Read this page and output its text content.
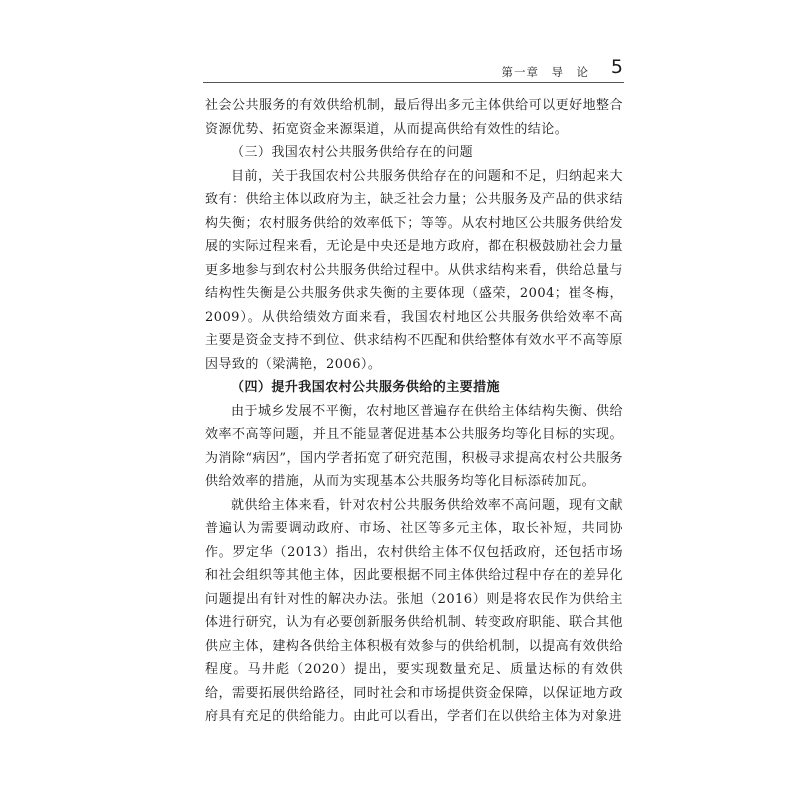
第一章　导　论 5

社会公共服务的有效供给机制，最后得出多元主体供给可以更好地整合资源优势、拓宽资金来源渠道，从而提高供给有效性的结论。

（三）我国农村公共服务供给存在的问题

目前，关于我国农村公共服务供给存在的问题和不足，归纳起来大致有：供给主体以政府为主，缺乏社会力量；公共服务及产品的供求结构失衡；农村服务供给的效率低下；等等。从农村地区公共服务供给发展的实际过程来看，无论是中央还是地方政府，都在积极鼓励社会力量更多地参与到农村公共服务供给过程中。从供求结构来看，供给总量与结构性失衡是公共服务供求失衡的主要体现（盛荣，2004；崔冬梅，2009）。从供给绩效方面来看，我国农村地区公共服务供给效率不高主要是资金支持不到位、供求结构不匹配和供给整体有效水平不高等原因导致的（梁满艳，2006）。

（四）提升我国农村公共服务供给的主要措施

由于城乡发展不平衡，农村地区普遍存在供给主体结构失衡、供给效率不高等问题，并且不能显著促进基本公共服务均等化目标的实现。为消除“病因”，国内学者拓宽了研究范围，积极寻求提高农村公共服务供给效率的措施，从而为实现基本公共服务均等化目标添砖加瓦。

就供给主体来看，针对农村公共服务供给效率不高问题，现有文献普遍认为需要调动政府、市场、社区等多元主体，取长补短，共同协作。罗定华（2013）指出，农村供给主体不仅包括政府，还包括市场和社会组织等其他主体，因此要根据不同主体供给过程中存在的差异化问题提出有针对性的解决办法。张旭（2016）则是将农民作为供给主体进行研究，认为有必要创新服务供给机制、转变政府职能、联合其他供应主体，建构各供给主体积极有效参与的供给机制，以提高有效供给程度。马井彪（2020）提出，要实现数量充足、质量达标的有效供给，需要拓展供给路径，同时社会和市场提供资金保障，以保证地方政府具有充足的供给能力。由此可以看出，学者们在以供给主体为对象进
